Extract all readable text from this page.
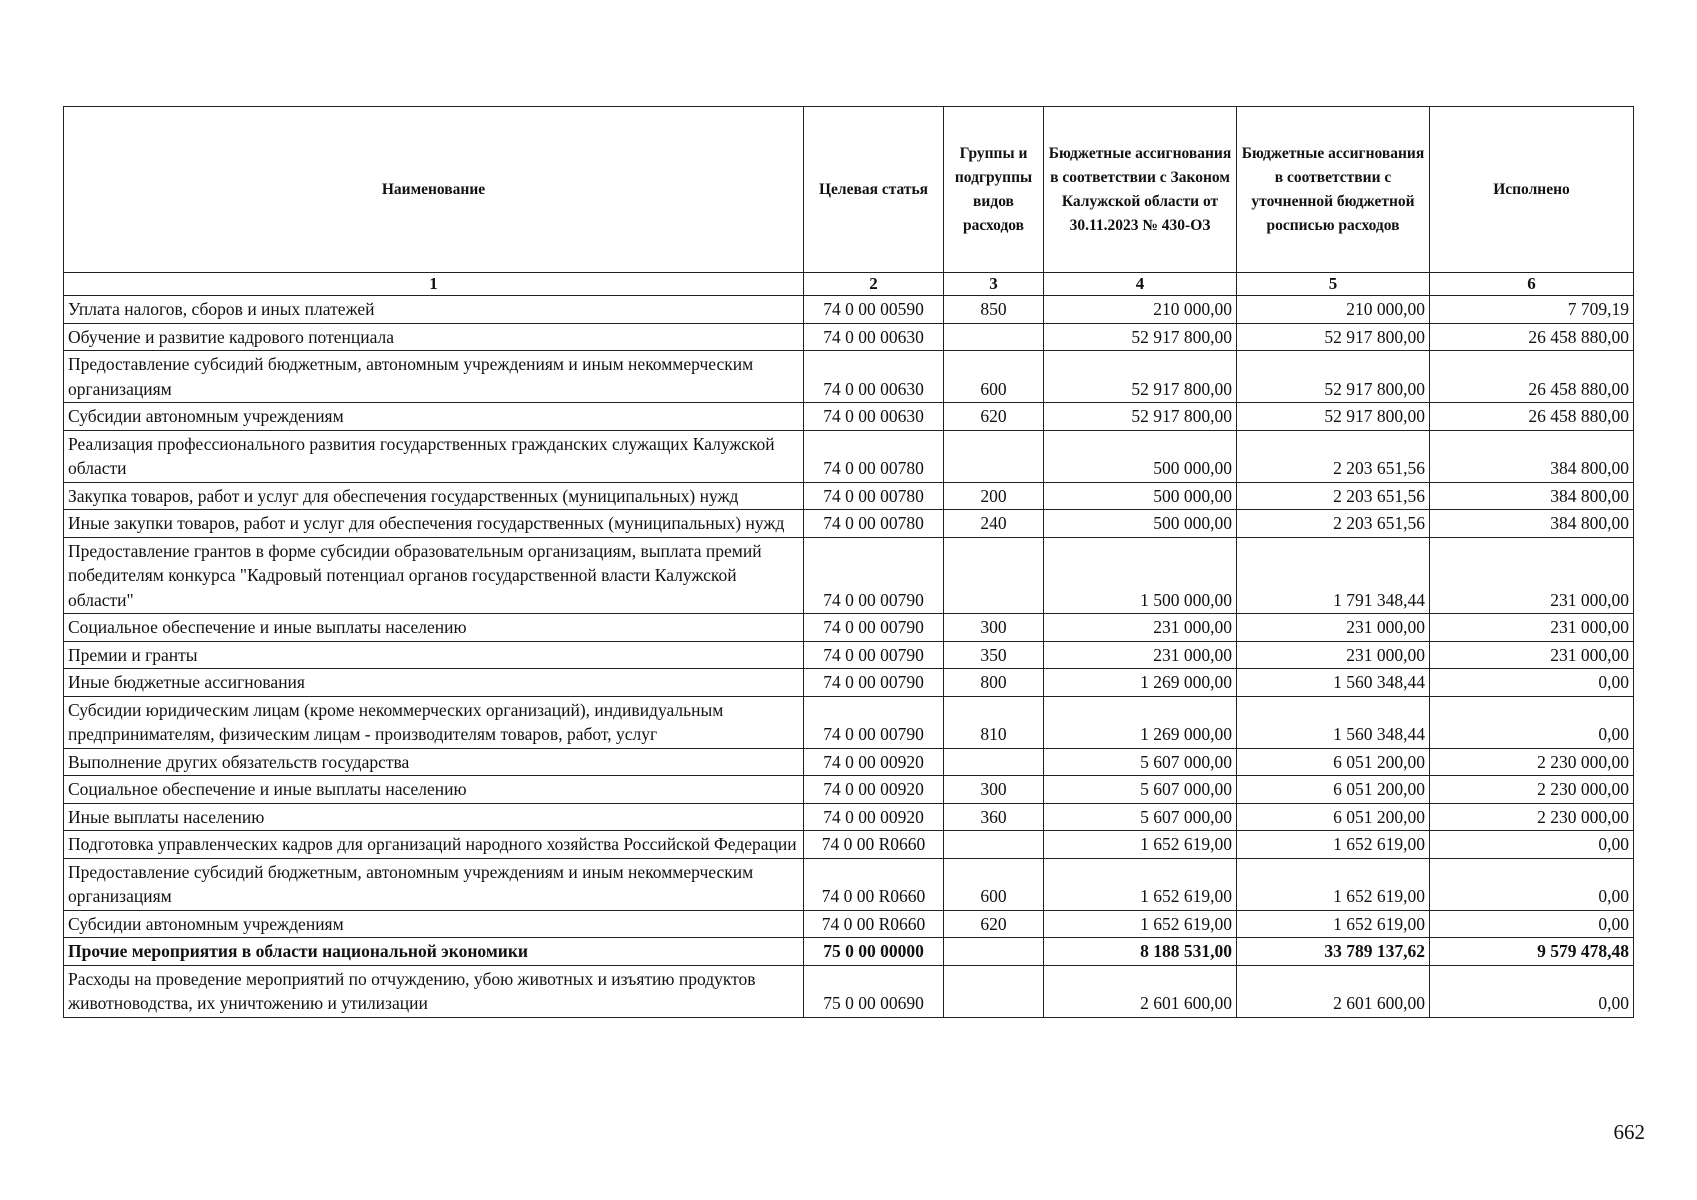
Наименование	Целевая статья	Группы и подгруппы видов расходов	Бюджетные ассигнования в соответствии с Законом Калужской области от 30.11.2023 № 430-ОЗ	Бюджетные ассигнования в соответствии с уточненной бюджетной росписью расходов	Исполнено
1	2	3	4	5	6
Уплата налогов, сборов и иных платежей	74 0 00 00590	850	210 000,00	210 000,00	7 709,19
Обучение и развитие кадрового потенциала	74 0 00 00630		52 917 800,00	52 917 800,00	26 458 880,00
Предоставление субсидий бюджетным, автономным учреждениям и иным некоммерческим организациям	74 0 00 00630	600	52 917 800,00	52 917 800,00	26 458 880,00
Субсидии автономным учреждениям	74 0 00 00630	620	52 917 800,00	52 917 800,00	26 458 880,00
Реализация профессионального развития государственных гражданских служащих Калужской области	74 0 00 00780		500 000,00	2 203 651,56	384 800,00
Закупка товаров, работ и услуг для обеспечения государственных (муниципальных) нужд	74 0 00 00780	200	500 000,00	2 203 651,56	384 800,00
Иные закупки товаров, работ и услуг для обеспечения государственных (муниципальных) нужд	74 0 00 00780	240	500 000,00	2 203 651,56	384 800,00
Предоставление грантов в форме субсидии образовательным организациям, выплата премий победителям конкурса "Кадровый потенциал органов государственной власти Калужской области"	74 0 00 00790		1 500 000,00	1 791 348,44	231 000,00
Социальное обеспечение и иные выплаты населению	74 0 00 00790	300	231 000,00	231 000,00	231 000,00
Премии и гранты	74 0 00 00790	350	231 000,00	231 000,00	231 000,00
Иные бюджетные ассигнования	74 0 00 00790	800	1 269 000,00	1 560 348,44	0,00
Субсидии юридическим лицам (кроме некоммерческих организаций), индивидуальным предпринимателям, физическим лицам - производителям товаров, работ, услуг	74 0 00 00790	810	1 269 000,00	1 560 348,44	0,00
Выполнение других обязательств государства	74 0 00 00920		5 607 000,00	6 051 200,00	2 230 000,00
Социальное обеспечение и иные выплаты населению	74 0 00 00920	300	5 607 000,00	6 051 200,00	2 230 000,00
Иные выплаты населению	74 0 00 00920	360	5 607 000,00	6 051 200,00	2 230 000,00
Подготовка управленческих кадров для организаций народного хозяйства Российской Федерации	74 0 00 R0660		1 652 619,00	1 652 619,00	0,00
Предоставление субсидий бюджетным, автономным учреждениям и иным некоммерческим организациям	74 0 00 R0660	600	1 652 619,00	1 652 619,00	0,00
Субсидии автономным учреждениям	74 0 00 R0660	620	1 652 619,00	1 652 619,00	0,00
Прочие мероприятия в области национальной экономики	75 0 00 00000		8 188 531,00	33 789 137,62	9 579 478,48
Расходы на проведение мероприятий по отчуждению, убою животных и изъятию продуктов животноводства, их уничтожению и утилизации	75 0 00 00690		2 601 600,00	2 601 600,00	0,00
662
